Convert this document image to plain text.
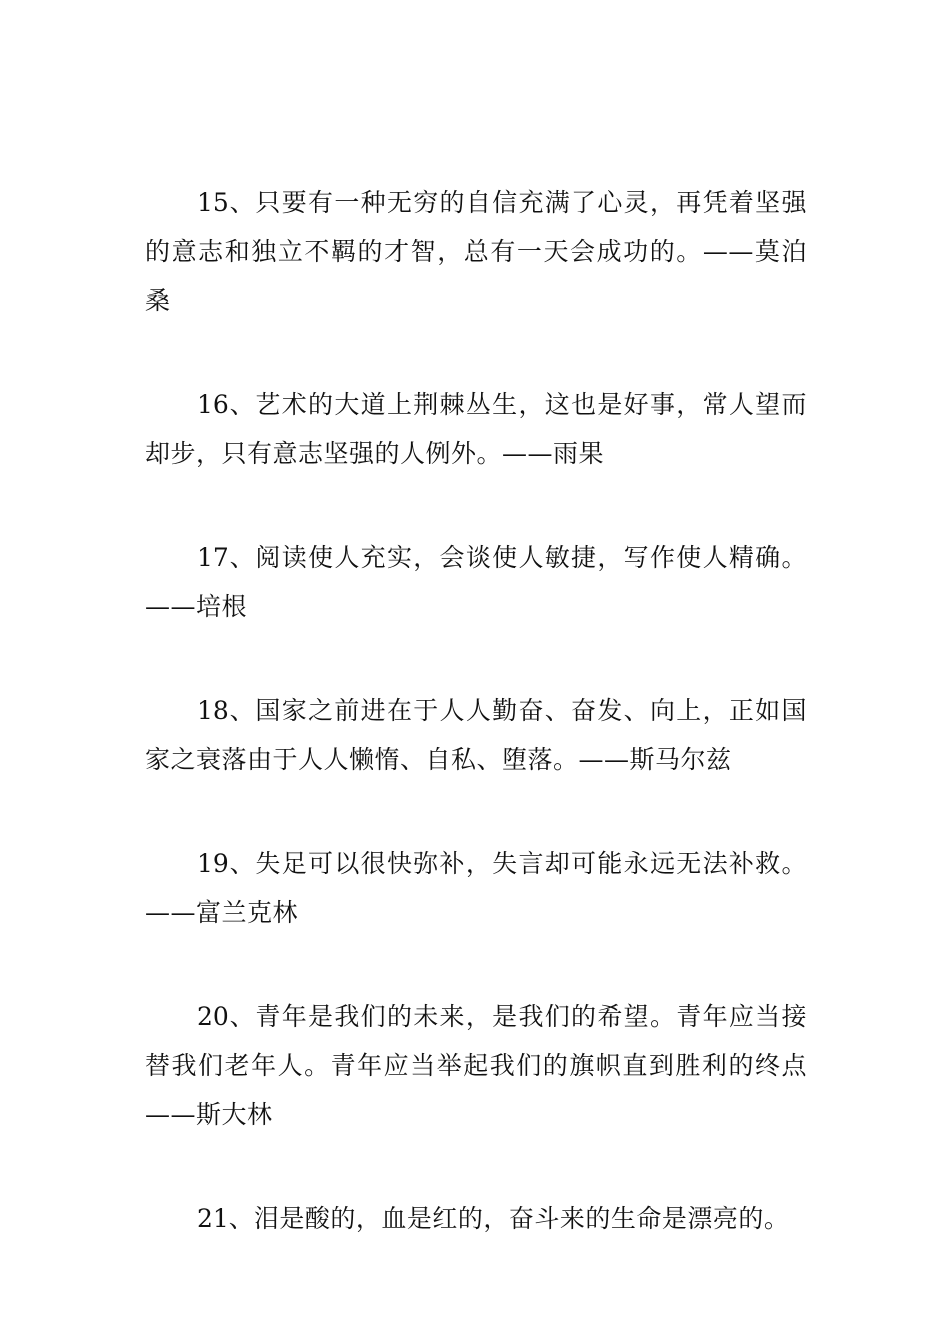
15、只要有一种无穷的自信充满了心灵，再凭着坚强的意志和独立不羁的才智，总有一天会成功的。——莫泊桑

16、艺术的大道上荆棘丛生，这也是好事，常人望而却步，只有意志坚强的人例外。——雨果

17、阅读使人充实，会谈使人敏捷，写作使人精确。——培根

18、国家之前进在于人人勤奋、奋发、向上，正如国家之衰落由于人人懒惰、自私、堕落。——斯马尔兹

19、失足可以很快弥补，失言却可能永远无法补救。——富兰克林

20、青年是我们的未来，是我们的希望。青年应当接替我们老年人。青年应当举起我们的旗帜直到胜利的终点——斯大林

21、泪是酸的，血是红的，奋斗来的生命是漂亮的。
